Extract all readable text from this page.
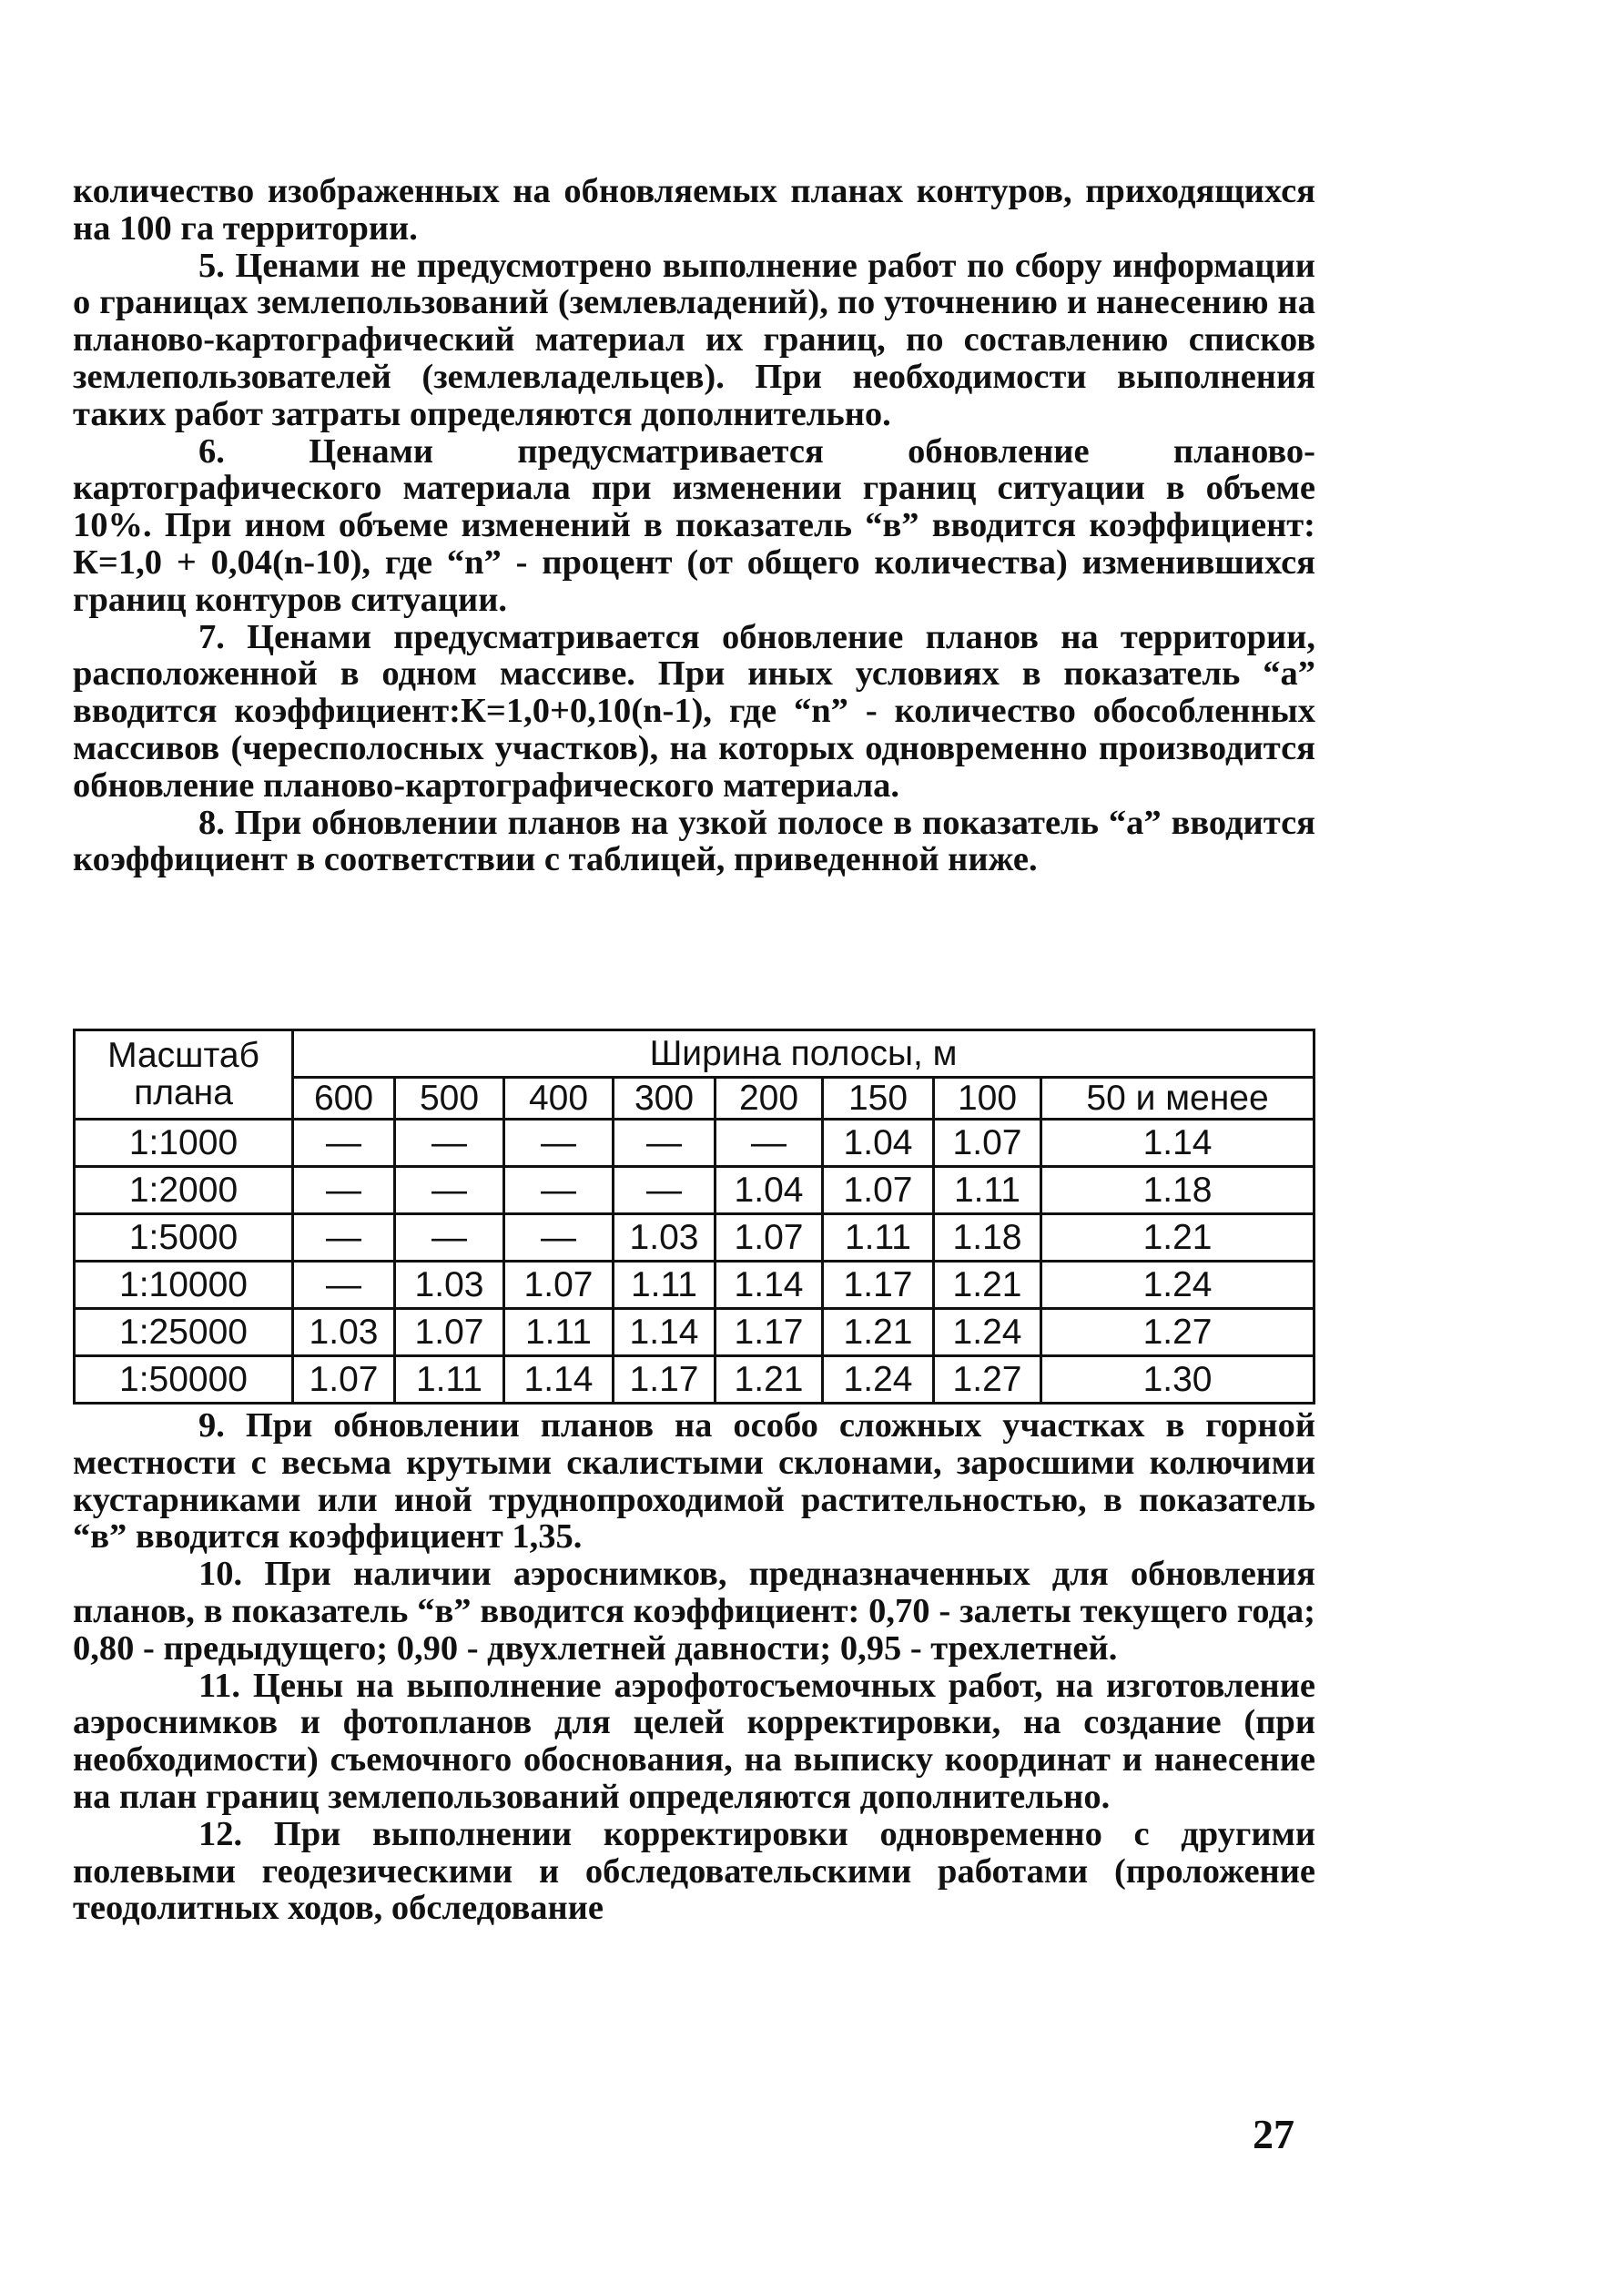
количество изображенных на обновляемых планах контуров, приходящихся на 100 га территории.

5. Ценами не предусмотрено выполнение работ по сбору информации о границах землепользований (землевладений), по уточнению и нанесению на планово-картографический материал их границ, по составлению списков землепользователей (землевладельцев). При необходимости выполнения таких работ затраты определяются дополнительно.

6. Ценами предусматривается обновление планово-картографического материала при изменении границ ситуации в объеме 10%. При ином объеме изменений в показатель “в” вводится коэффициент: К=1,0 + 0,04(n-10), где “n” - процент (от общего количества) изменившихся границ контуров ситуации.

7. Ценами предусматривается обновление планов на территории, расположенной в одном массиве. При иных условиях в показатель “а” вводится коэффициент:К=1,0+0,10(n-1), где “n” - количество обособленных массивов (чересполосных участков), на которых одновременно производится обновление планово-картографического материала.

8. При обновлении планов на узкой полосе в показатель “а” вводится коэффициент в соответствии с таблицей, приведенной ниже.

Масштаб
плана	Ширина полосы, м							
	600	500	400	300	200	150	100	50 и менее
1:1000	—	—	—	—	—	1.04	1.07	1.14
1:2000	—	—	—	—	1.04	1.07	1.11	1.18
1:5000	—	—	—	1.03	1.07	1.11	1.18	1.21
1:10000	—	1.03	1.07	1.11	1.14	1.17	1.21	1.24
1:25000	1.03	1.07	1.11	1.14	1.17	1.21	1.24	1.27
1:50000	1.07	1.11	1.14	1.17	1.21	1.24	1.27	1.30

9. При обновлении планов на особо сложных участках в горной местности с весьма крутыми скалистыми склонами, заросшими колючими кустарниками или иной труднопроходимой растительностью, в показатель “в” вводится коэффициент 1,35.

10. При наличии аэроснимков, предназначенных для обновления планов, в показатель “в” вводится коэффициент: 0,70 - залеты текущего года; 0,80 - предыдущего; 0,90 - двухлетней давности; 0,95 - трехлетней.

11. Цены на выполнение аэрофотосъемочных работ, на изготовление аэроснимков и фотопланов для целей корректировки, на создание (при необходимости) съемочного обоснования, на выписку координат и нанесение на план границ землепользований определяются дополнительно.

12. При выполнении корректировки одновременно с другими полевыми геодезическими и обследовательскими работами (проложение теодолитных ходов, обследование

27
